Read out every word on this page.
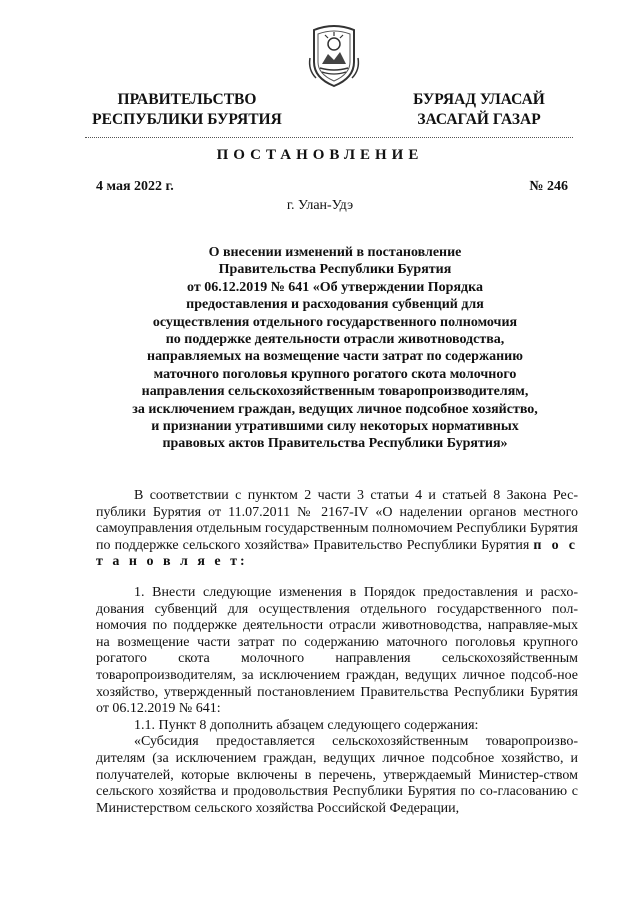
ПРАВИТЕЛЬСТВО
РЕСПУБЛИКИ БУРЯТИЯ
БУРЯАД УЛАСАЙ
ЗАСАГАЙ ГАЗАР
ПОСТАНОВЛЕНИЕ
4 мая 2022 г.	№ 246
г. Улан-Удэ
О внесении изменений в постановление
Правительства Республики Бурятия
от 06.12.2019 № 641 «Об утверждении Порядка
предоставления и расходования субвенций для
осуществления отдельного государственного полномочия
по поддержке деятельности отрасли животноводства,
направляемых на возмещение части затрат по содержанию
маточного поголовья крупного рогатого скота молочного
направления сельскохозяйственным товаропроизводителям,
за исключением граждан, ведущих личное подсобное хозяйство,
и признании утратившими силу некоторых нормативных
правовых актов Правительства Республики Бурятия»

В соответствии с пунктом 2 части 3 статьи 4 и статьей 8 Закона Рес-публики Бурятия от 11.07.2011 № 2167-IV «О наделении органов местного самоуправления отдельным государственным полномочием Республики Бурятия по поддержке сельского хозяйства» Правительство Республики Бурятия п о с т а н о в л я е т:

1. Внести следующие изменения в Порядок предоставления и расхо-дования субвенций для осуществления отдельного государственного пол-номочия по поддержке деятельности отрасли животноводства, направляе-мых на возмещение части затрат по содержанию маточного поголовья крупного рогатого скота молочного направления сельскохозяйственным товаропроизводителям, за исключением граждан, ведущих личное подсоб-ное хозяйство, утвержденный постановлением Правительства Республики Бурятия от 06.12.2019 № 641:

1.1. Пункт 8 дополнить абзацем следующего содержания:

«Субсидия предоставляется сельскохозяйственным товаропроизво-дителям (за исключением граждан, ведущих личное подсобное хозяйство, и получателей, которые включены в перечень, утверждаемый Министер-ством сельского хозяйства и продовольствия Республики Бурятия по со-гласованию с Министерством сельского хозяйства Российской Федерации,
